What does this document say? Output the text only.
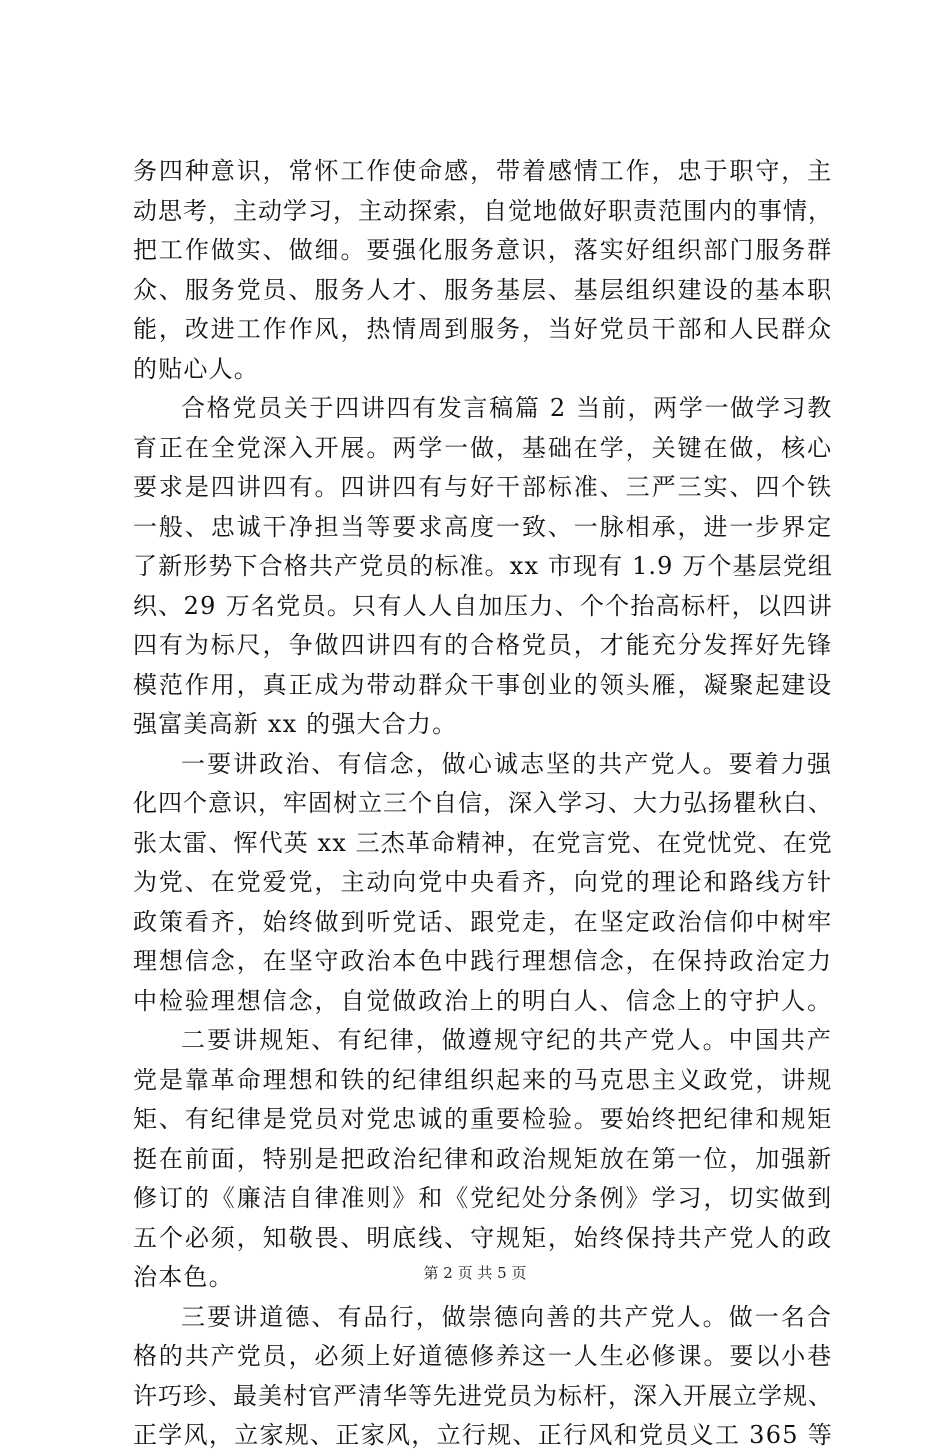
务四种意识，常怀工作使命感，带着感情工作，忠于职守，主
动思考，主动学习，主动探索，自觉地做好职责范围内的事情，
把工作做实、做细。要强化服务意识，落实好组织部门服务群
众、服务党员、服务人才、服务基层、基层组织建设的基本职
能，改进工作作风，热情周到服务，当好党员干部和人民群众
的贴心人。
合格党员关于四讲四有发言稿篇 2 当前，两学一做学习教
育正在全党深入开展。两学一做，基础在学，关键在做，核心
要求是四讲四有。四讲四有与好干部标准、三严三实、四个铁
一般、忠诚干净担当等要求高度一致、一脉相承，进一步界定
了新形势下合格共产党员的标准。xx 市现有 1.9 万个基层党组
织、29 万名党员。只有人人自加压力、个个抬高标杆，以四讲
四有为标尺，争做四讲四有的合格党员，才能充分发挥好先锋
模范作用，真正成为带动群众干事创业的领头雁，凝聚起建设
强富美高新 xx 的强大合力。
一要讲政治、有信念，做心诚志坚的共产党人。要着力强
化四个意识，牢固树立三个自信，深入学习、大力弘扬瞿秋白、
张太雷、恽代英 xx 三杰革命精神，在党言党、在党忧党、在党
为党、在党爱党，主动向党中央看齐，向党的理论和路线方针
政策看齐，始终做到听党话、跟党走，在坚定政治信仰中树牢
理想信念，在坚守政治本色中践行理想信念，在保持政治定力
中检验理想信念，自觉做政治上的明白人、信念上的守护人。
二要讲规矩、有纪律，做遵规守纪的共产党人。中国共产
党是靠革命理想和铁的纪律组织起来的马克思主义政党，讲规
矩、有纪律是党员对党忠诚的重要检验。要始终把纪律和规矩
挺在前面，特别是把政治纪律和政治规矩放在第一位，加强新
修订的《廉洁自律准则》和《党纪处分条例》学习，切实做到
五个必须，知敬畏、明底线、守规矩，始终保持共产党人的政
治本色。
三要讲道德、有品行，做崇德向善的共产党人。做一名合
格的共产党员，必须上好道德修养这一人生必修课。要以小巷
许巧珍、最美村官严清华等先进党员为标杆，深入开展立学规、
正学风，立家规、正家风，立行规、正行风和党员义工 365 等
第 2 页 共 5 页
